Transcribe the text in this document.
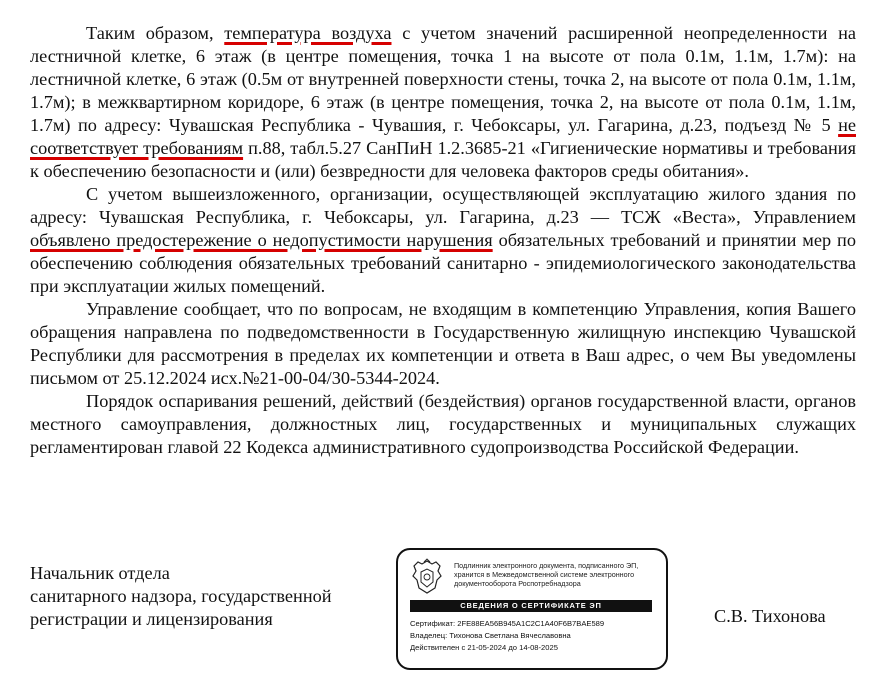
Таким образом, температура воздуха с учетом значений расширенной неопределенности на лестничной клетке, 6 этаж (в центре помещения, точка 1 на высоте от пола 0.1м, 1.1м, 1.7м): на лестничной клетке, 6 этаж (0.5м от внутренней поверхности стены, точка 2, на высоте от пола 0.1м, 1.1м, 1.7м); в межквартирном коридоре, 6 этаж (в центре помещения, точка 2, на высоте от пола 0.1м, 1.1м, 1.7м) по адресу: Чувашская Республика - Чувашия, г. Чебоксары, ул. Гагарина, д.23, подъезд № 5 не соответствует требованиям п.88, табл.5.27 СанПиН 1.2.3685-21 «Гигиенические нормативы и требования к обеспечению безопасности и (или) безвредности для человека факторов среды обитания».

С учетом вышеизложенного, организации, осуществляющей эксплуатацию жилого здания по адресу: Чувашская Республика, г. Чебоксары, ул. Гагарина, д.23 — ТСЖ «Веста», Управлением объявлено предостережение о недопустимости нарушения обязательных требований и принятии мер по обеспечению соблюдения обязательных требований санитарно - эпидемиологического законодательства при эксплуатации жилых помещений.

Управление сообщает, что по вопросам, не входящим в компетенцию Управления, копия Вашего обращения направлена по подведомственности в Государственную жилищную инспекцию Чувашской Республики для рассмотрения в пределах их компетенции и ответа в Ваш адрес, о чем Вы уведомлены письмом от 25.12.2024 исх.№21-00-04/30-5344-2024.

Порядок оспаривания решений, действий (бездействия) органов государственной власти, органов местного самоуправления, должностных лиц, государственных и муниципальных служащих регламентирован главой 22 Кодекса административного судопроизводства Российской Федерации.

Начальник отдела
санитарного надзора, государственной
регистрации и лицензирования
Подлинник электронного документа, подписанного ЭП,
хранится в Межведомственной системе электронного
документооборота Роспотребнадзора
СВЕДЕНИЯ О СЕРТИФИКАТЕ ЭП
Сертификат: 2FE88EA56B945A1C2C1A40F6B7BAE589
Владелец: Тихонова Светлана Вячеславовна
Действителен с 21-05-2024 до 14-08-2025
С.В. Тихонова
